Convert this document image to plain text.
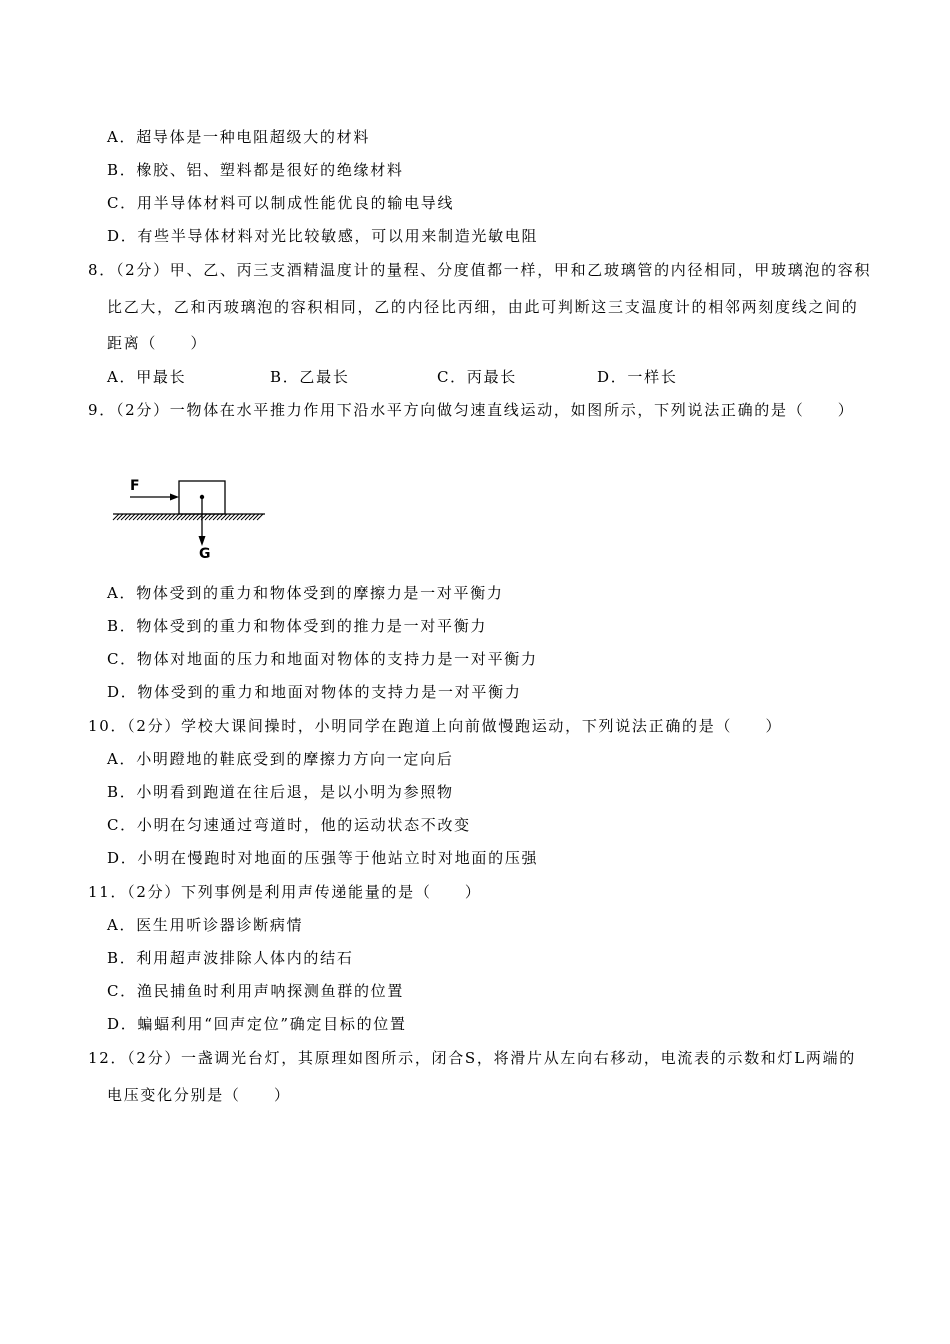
A．超导体是一种电阻超级大的材料
B．橡胶、铝、塑料都是很好的绝缘材料
C．用半导体材料可以制成性能优良的输电导线
D．有些半导体材料对光比较敏感，可以用来制造光敏电阻
8．（2分）甲、乙、丙三支酒精温度计的量程、分度值都一样，甲和乙玻璃管的内径相同，甲玻璃泡的容积
比乙大，乙和丙玻璃泡的容积相同，乙的内径比丙细，由此可判断这三支温度计的相邻两刻度线之间的
距离（　　）
A．甲最长	B．乙最长	C．丙最长	D．一样长
9．（2分）一物体在水平推力作用下沿水平方向做匀速直线运动，如图所示，下列说法正确的是（　　）
F
G
A．物体受到的重力和物体受到的摩擦力是一对平衡力
B．物体受到的重力和物体受到的推力是一对平衡力
C．物体对地面的压力和地面对物体的支持力是一对平衡力
D．物体受到的重力和地面对物体的支持力是一对平衡力
10．（2分）学校大课间操时，小明同学在跑道上向前做慢跑运动，下列说法正确的是（　　）
A．小明蹬地的鞋底受到的摩擦力方向一定向后
B．小明看到跑道在往后退，是以小明为参照物
C．小明在匀速通过弯道时，他的运动状态不改变
D．小明在慢跑时对地面的压强等于他站立时对地面的压强
11．（2分）下列事例是利用声传递能量的是（　　）
A．医生用听诊器诊断病情
B．利用超声波排除人体内的结石
C．渔民捕鱼时利用声呐探测鱼群的位置
D．蝙蝠利用“回声定位”确定目标的位置
12．（2分）一盏调光台灯，其原理如图所示，闭合S，将滑片从左向右移动，电流表的示数和灯L两端的
电压变化分别是（　　）
